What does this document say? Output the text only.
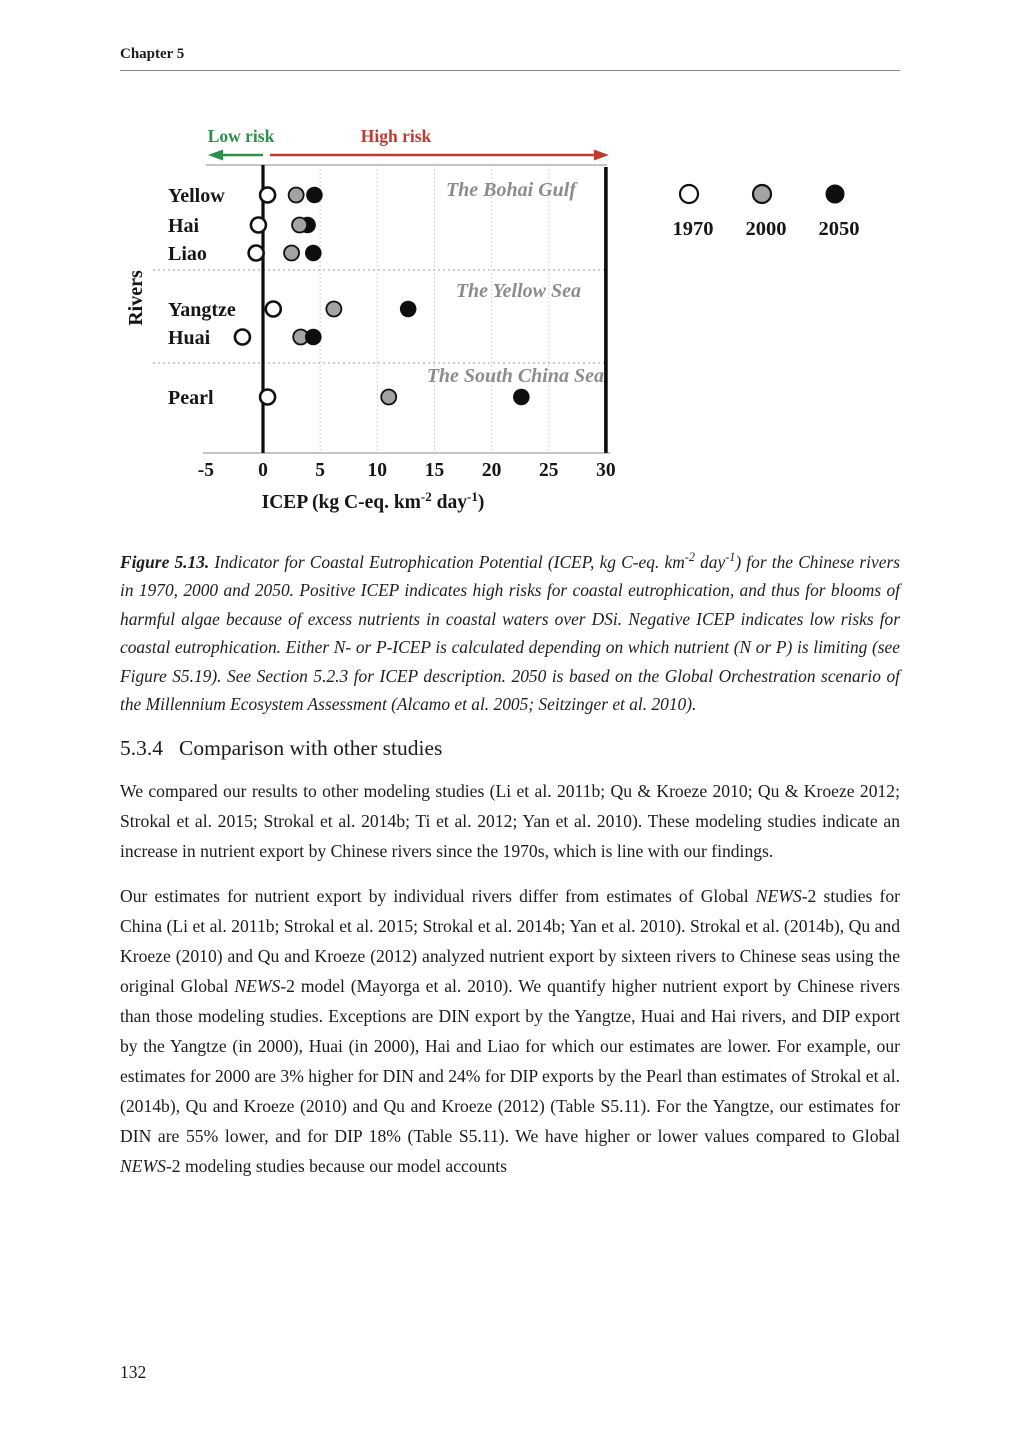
Chapter 5
Low risk	High risk
The Bohai Gulf
The Yellow Sea
The South China Sea
Yellow
Hai
Liao
Yangtze
Huai
Pearl
-5 0 5 10 15 20 25 30
ICEP (kg C-eq. $km^{-2}$ day$^{-1}$)
Rivers
1970 2000 2050
Figure 5.13. Indicator for Coastal Eutrophication Potential (ICEP, kg C-eq. $km^{-2}$ day$^{-1}$) for the Chinese rivers in 1970, 2000 and 2050. Positive ICEP indicates high risks for coastal eutrophication, and thus for blooms of harmful algae because of excess nutrients in coastal waters over DSi. Negative ICEP indicates low risks for coastal eutrophication. Either N- or P-ICEP is calculated depending on which nutrient (N or P) is limiting (see Figure S5.19). See Section 5.2.3 for ICEP description. 2050 is based on the Global Orchestration scenario of the Millennium Ecosystem Assessment (Alcamo et al. 2005; Seitzinger et al. 2010).
5.3.4 Comparison with other studies
We compared our results to other modeling studies (Li et al. 2011b; Qu & Kroeze 2010; Qu & Kroeze 2012; Strokal et al. 2015; Strokal et al. 2014b; Ti et al. 2012; Yan et al. 2010). These modeling studies indicate an increase in nutrient export by Chinese rivers since the 1970s, which is line with our findings.
Our estimates for nutrient export by individual rivers differ from estimates of Global NEWS-2 studies for China (Li et al. 2011b; Strokal et al. 2015; Strokal et al. 2014b; Yan et al. 2010). Strokal et al. (2014b), Qu and Kroeze (2010) and Qu and Kroeze (2012) analyzed nutrient export by sixteen rivers to Chinese seas using the original Global NEWS-2 model (Mayorga et al. 2010). We quantify higher nutrient export by Chinese rivers than those modeling studies. Exceptions are DIN export by the Yangtze, Huai and Hai rivers, and DIP export by the Yangtze (in 2000), Huai (in 2000), Hai and Liao for which our estimates are lower. For example, our estimates for 2000 are 3% higher for DIN and 24% for DIP exports by the Pearl than estimates of Strokal et al. (2014b), Qu and Kroeze (2010) and Qu and Kroeze (2012) (Table S5.11). For the Yangtze, our estimates for DIN are 55% lower, and for DIP 18% (Table S5.11). We have higher or lower values compared to Global NEWS-2 modeling studies because our model accounts
132
